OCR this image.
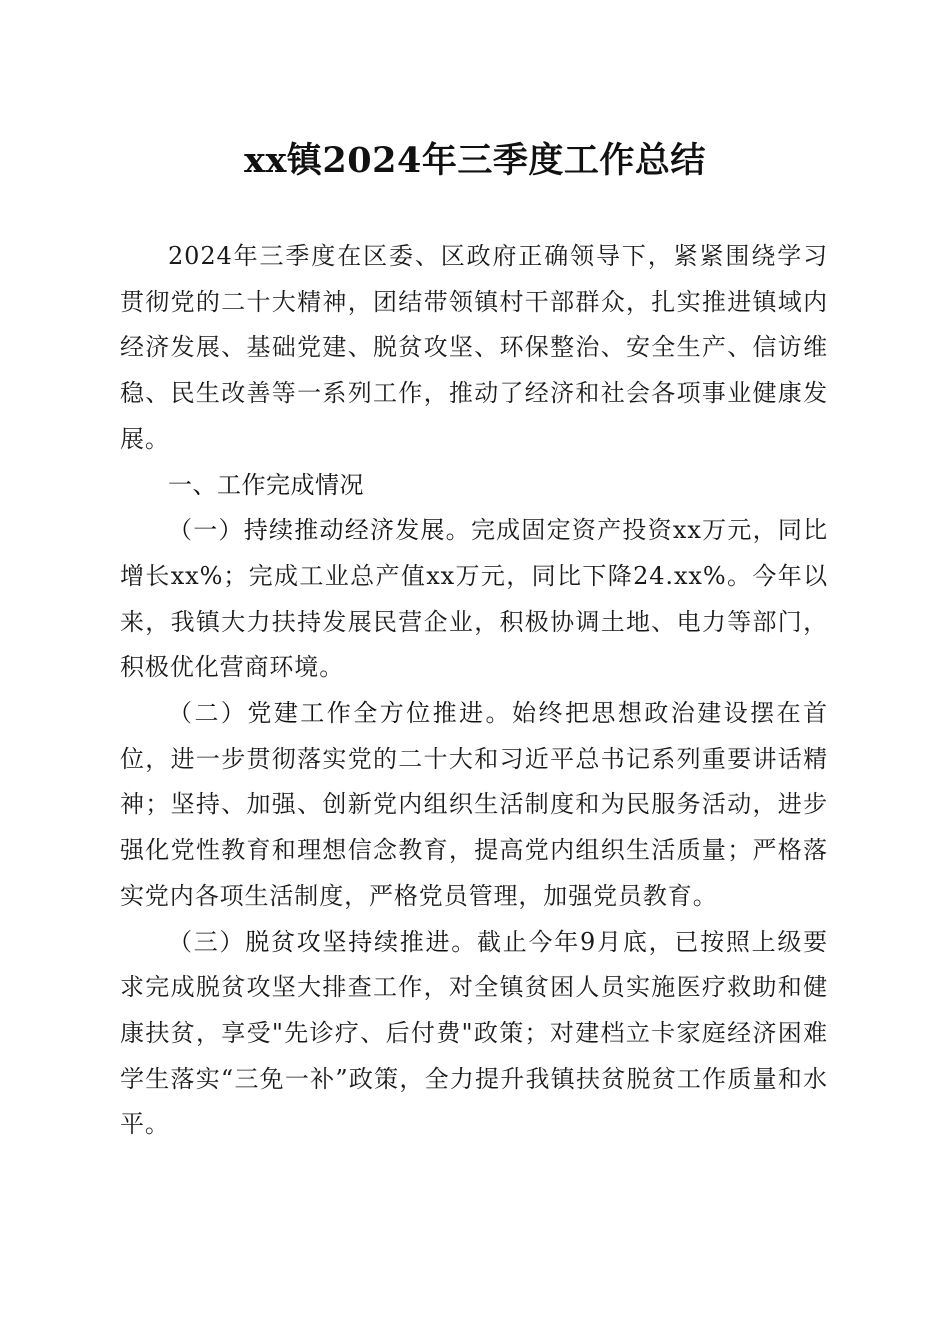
xx镇2024年三季度工作总结

2024年三季度在区委、区政府正确领导下，紧紧围绕学习贯彻党的二十大精神，团结带领镇村干部群众，扎实推进镇域内经济发展、基础党建、脱贫攻坚、环保整治、安全生产、信访维稳、民生改善等一系列工作，推动了经济和社会各项事业健康发展。

一、工作完成情况

（一）持续推动经济发展。完成固定资产投资xx万元，同比增长xx%；完成工业总产值xx万元，同比下降24.xx%。今年以来，我镇大力扶持发展民营企业，积极协调土地、电力等部门，积极优化营商环境。

（二）党建工作全方位推进。始终把思想政治建设摆在首位，进一步贯彻落实党的二十大和习近平总书记系列重要讲话精神；坚持、加强、创新党内组织生活制度和为民服务活动，进步强化党性教育和理想信念教育，提高党内组织生活质量；严格落实党内各项生活制度，严格党员管理，加强党员教育。

（三）脱贫攻坚持续推进。截止今年9月底，已按照上级要求完成脱贫攻坚大排查工作，对全镇贫困人员实施医疗救助和健康扶贫，享受"先诊疗、后付费"政策；对建档立卡家庭经济困难学生落实“三免一补”政策，全力提升我镇扶贫脱贫工作质量和水平。
